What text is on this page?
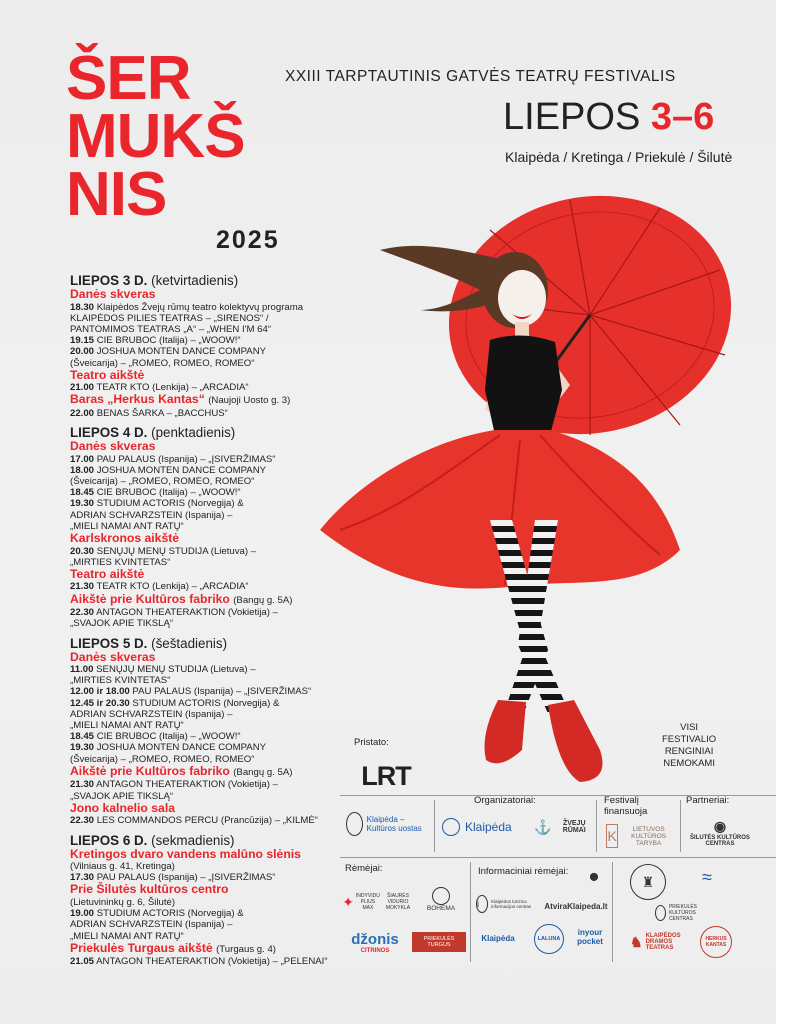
ŠER
MUKŠ
NIS
2025
XXIII TARPTAUTINIS GATVĖS TEATRŲ FESTIVALIS
LIEPOS 3–6
Klaipėda / Kretinga / Priekulė / Šilutė
LIEPOS 3 D. (ketvirtadienis)
Danės skveras
18.30 Klaipėdos Žvejų rūmų teatro kolektyvų programa
KLAIPĖDOS PILIES TEATRAS – „SIRENOS“ /
PANTOMIMOS TEATRAS „A“ – „WHEN I'M 64“
19.15 CIE BRUBOC (Italija) – „WOOW!“
20.00 JOSHUA MONTEN DANCE COMPANY
(Šveicarija) – „ROMEO, ROMEO, ROMEO“
Teatro aikštė
21.00 TEATR KTO (Lenkija) – „ARCADIA“
Baras „Herkus Kantas“ (Naujoji Uosto g. 3)
22.00 BENAS ŠARKA – „BACCHUS“
LIEPOS 4 D. (penktadienis)
Danės skveras
17.00 PAU PALAUS (Ispanija) – „ĮSIVERŽIMAS“
18.00 JOSHUA MONTEN DANCE COMPANY
(Šveicarija) – „ROMEO, ROMEO, ROMEO“
18.45 CIE BRUBOC (Italija) – „WOOW!“
19.30 STUDIUM ACTORIS (Norvegija) &
ADRIAN SCHVARZSTEIN (Ispanija) –
„MIELI NAMAI ANT RATŲ“
Karlskronos aikštė
20.30 SENŲJŲ MENŲ STUDIJA (Lietuva) –
„MIRTIES KVINTETAS“
Teatro aikštė
21.30 TEATR KTO (Lenkija) – „ARCADIA“
Aikštė prie Kultūros fabriko (Bangų g. 5A)
22.30 ANTAGON THEATERAKTION (Vokietija) –
„SVAJOK APIE TIKSLĄ“
LIEPOS 5 D. (šeštadienis)
Danės skveras
11.00 SENŲJŲ MENŲ STUDIJA (Lietuva) –
„MIRTIES KVINTETAS“
12.00 ir 18.00 PAU PALAUS (Ispanija) – „ĮSIVERŽIMAS“
12.45 ir 20.30 STUDIUM ACTORIS (Norvegija) &
ADRIAN SCHVARZSTEIN (Ispanija) –
„MIELI NAMAI ANT RATŲ“
18.45 CIE BRUBOC (Italija) – „WOOW!“
19.30 JOSHUA MONTEN DANCE COMPANY
(Šveicarija) – „ROMEO, ROMEO, ROMEO“
Aikštė prie Kultūros fabriko (Bangų g. 5A)
21.30 ANTAGON THEATERAKTION (Vokietija) –
„SVAJOK APIE TIKSLĄ“
Jono kalnelio sala
22.30 LES COMMANDOS PERCU (Prancūzija) – „KILMĖ“
LIEPOS 6 D. (sekmadienis)
Kretingos dvaro vandens malūno slėnis
(Vilniaus g. 41, Kretinga)
17.30 PAU PALAUS (Ispanija) – „ĮSIVERŽIMAS“
Prie Šilutės kultūros centro
(Lietuvininkų g. 6, Šilutė)
19.00 STUDIUM ACTORIS (Norvegija) &
ADRIAN SCHVARZSTEIN (Ispanija) –
„MIELI NAMAI ANT RATŲ“
Priekulės Turgaus aikštė (Turgaus g. 4)
21.05 ANTAGON THEATERAKTION (Vokietija) – „PELENAI“
VISI
FESTIVALIO
RENGINIAI
NEMOKAMI
Pristato:
LRT
Klaipėda – Kultūros uostas
Organizatoriai:
Klaipėda ⚓	ŽVEJŲ RŪMAI
Festivalį finansuoja
K	LIETUVOS KULTŪROS TARYBA
Partneriai:
◉
ŠILUTĖS KULTŪROS CENTRAS
Rėmėjai:
✦ INDYVIDU PLIUS MAX
ŠIAURĖS VIDURIO MOKYKLA	BOHEMA
džonis
CITRINOS
PRIEKULĖS TURGUS
Informaciniai rėmėjai:	⬤
i	Klaipėdos turizmo informacijos centras	AtviraKlaipeda.lt
Klaipėda	LALUNA
inyour pocket
♜	≈
PRIEKULĖS KULTŪROS CENTRAS
♞ KLAIPĖDOS DRAMOS TEATRAS
HERKUS KANTAS
